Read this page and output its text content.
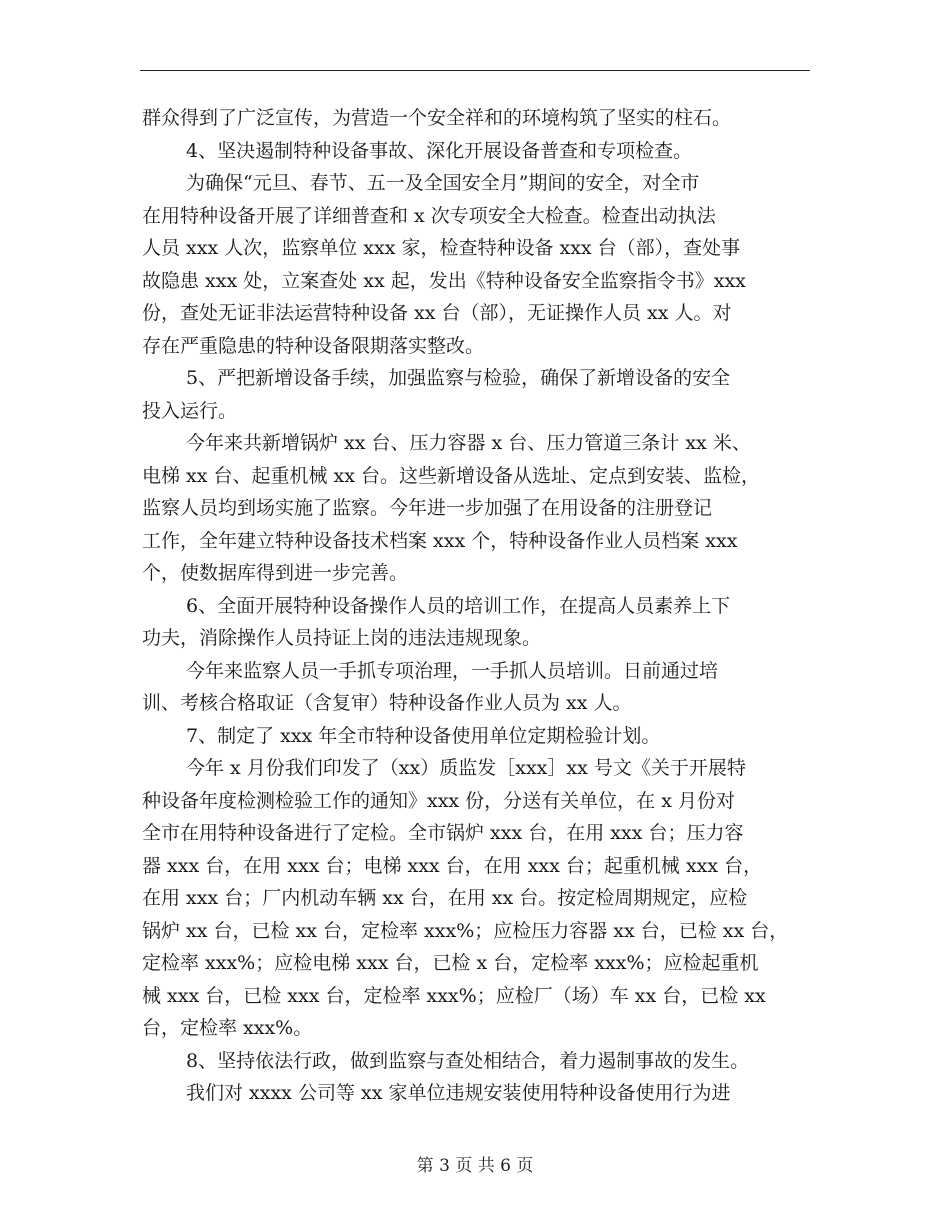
群众得到了广泛宣传，为营造一个安全祥和的环境构筑了坚实的柱石。
4、坚决遏制特种设备事故、深化开展设备普查和专项检查。
为确保“元旦、春节、五一及全国安全月”期间的安全，对全市
在用特种设备开展了详细普查和 x 次专项安全大检查。检查出动执法
人员 xxx 人次，监察单位 xxx 家，检查特种设备 xxx 台（部），查处事
故隐患 xxx 处，立案查处 xx 起，发出《特种设备安全监察指令书》xxx
份，查处无证非法运营特种设备 xx 台（部），无证操作人员 xx 人。对
存在严重隐患的特种设备限期落实整改。
5、严把新增设备手续，加强监察与检验，确保了新增设备的安全
投入运行。
今年来共新增锅炉 xx 台、压力容器 x 台、压力管道三条计 xx 米、
电梯 xx 台、起重机械 xx 台。这些新增设备从选址、定点到安装、监检，
监察人员均到场实施了监察。今年进一步加强了在用设备的注册登记
工作，全年建立特种设备技术档案 xxx 个，特种设备作业人员档案 xxx
个，使数据库得到进一步完善。
6、全面开展特种设备操作人员的培训工作，在提高人员素养上下
功夫，消除操作人员持证上岗的违法违规现象。
今年来监察人员一手抓专项治理，一手抓人员培训。日前通过培
训、考核合格取证（含复审）特种设备作业人员为 xx 人。
7、制定了 xxx 年全市特种设备使用单位定期检验计划。
今年 x 月份我们印发了（xx）质监发［xxx］xx 号文《关于开展特
种设备年度检测检验工作的通知》xxx 份，分送有关单位，在 x 月份对
全市在用特种设备进行了定检。全市锅炉 xxx 台，在用 xxx 台；压力容
器 xxx 台，在用 xxx 台；电梯 xxx 台，在用 xxx 台；起重机械 xxx 台，
在用 xxx 台；厂内机动车辆 xx 台，在用 xx 台。按定检周期规定，应检
锅炉 xx 台，已检 xx 台，定检率 xxx%；应检压力容器 xx 台，已检 xx 台，
定检率 xxx%；应检电梯 xxx 台，已检 x 台，定检率 xxx%；应检起重机
械 xxx 台，已检 xxx 台，定检率 xxx%；应检厂（场）车 xx 台，已检 xx
台，定检率 xxx%。
8、坚持依法行政，做到监察与查处相结合，着力遏制事故的发生。
我们对 xxxx 公司等 xx 家单位违规安装使用特种设备使用行为进
第 3 页 共 6 页
